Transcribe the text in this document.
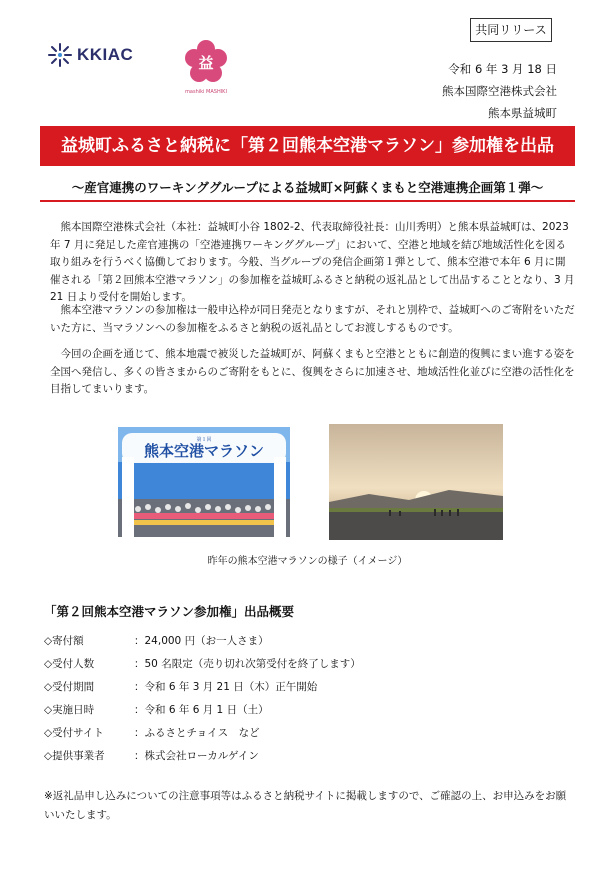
共同リリース
KKIAC	益
mashiki MASHIKI
令和 6 年 3 月 18 日
熊本国際空港株式会社
熊本県益城町
益城町ふるさと納税に「第２回熊本空港マラソン」参加権を出品
～産官連携のワーキンググループによる益城町×阿蘇くまもと空港連携企画第１弾～

熊本国際空港株式会社（本社：益城町小谷 1802-2、代表取締役社長：山川秀明）と熊本県益城町は、2023 年 7 月に発足した産官連携の「空港連携ワーキンググループ」において、空港と地域を結び地域活性化を図る取り組みを行うべく協働しております。今般、当グループの発信企画第１弾として、熊本空港で本年 6 月に開催される「第２回熊本空港マラソン」の参加権を益城町ふるさと納税の返礼品として出品することとなり、3 月 21 日より受付を開始します。

熊本空港マラソンの参加権は一般申込枠が同日発売となりますが、それと別枠で、益城町へのご寄附をいただいた方に、当マラソンへの参加権をふるさと納税の返礼品としてお渡しするものです。

今回の企画を通じて、熊本地震で被災した益城町が、阿蘇くまもと空港とともに創造的復興にまい進する姿を全国へ発信し、多くの皆さまからのご寄附をもとに、復興をさらに加速させ、地域活性化並びに空港の活性化を目指してまいります。

熊本空港マラソン
第１回
昨年の熊本空港マラソンの様子（イメージ）
「第２回熊本空港マラソン参加権」出品概要
◇寄付額	：24,000 円（お一人さま）
◇受付人数	：50 名限定（売り切れ次第受付を終了します）
◇受付期間	：令和 6 年 3 月 21 日（木）正午開始
◇実施日時	：令和 6 年 6 月 1 日（土）
◇受付サイト	：ふるさとチョイス　など
◇提供事業者	：株式会社ローカルゲイン

※返礼品申し込みについての注意事項等はふるさと納税サイトに掲載しますので、ご確認の上、お申込みをお願いいたします。
